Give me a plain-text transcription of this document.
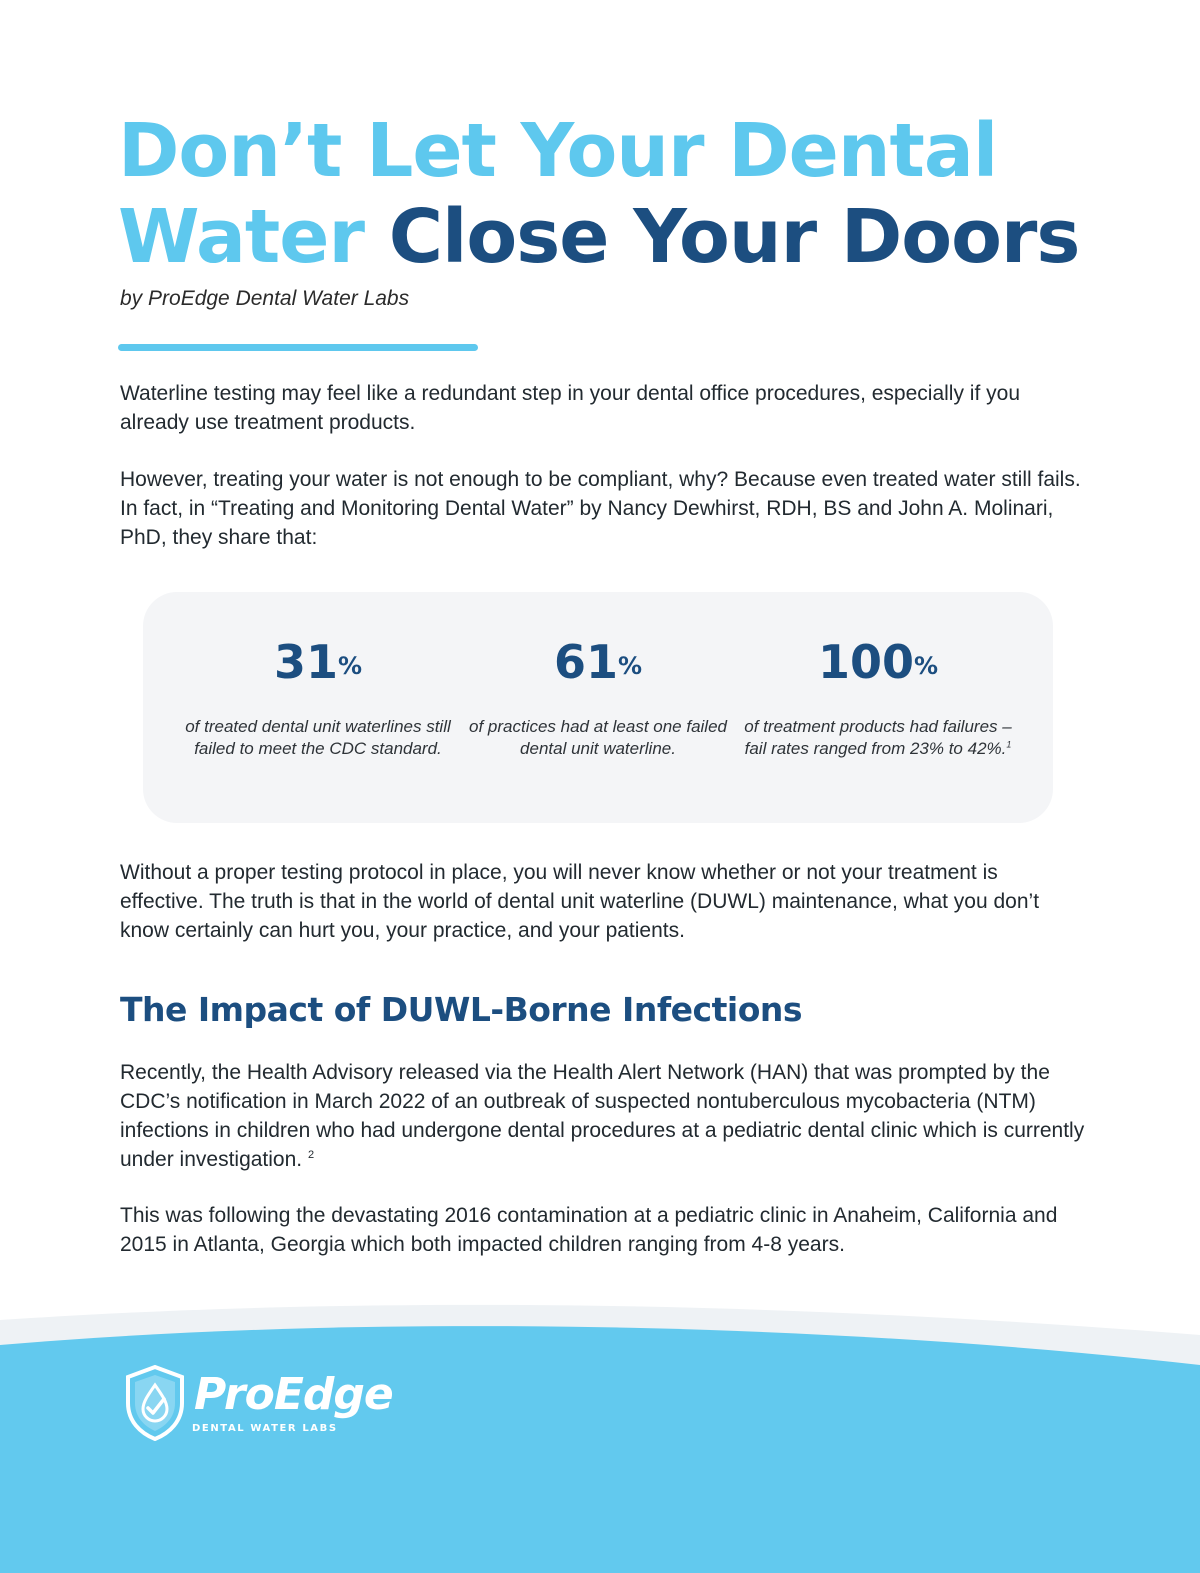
Don’t Let Your Dental
Water Close Your Doors
by ProEdge Dental Water Labs

Waterline testing may feel like a redundant step in your dental office procedures, especially if you already use treatment products.

However, treating your water is not enough to be compliant, why? Because even treated water still fails. In fact, in “Treating and Monitoring Dental Water” by Nancy Dewhirst, RDH, BS and John A. Molinari, PhD, they share that:

31%
of treated dental unit waterlines still failed to meet the CDC standard.
61%
of practices had at least one failed dental unit waterline.
100%
of treatment products had failures – fail rates ranged from 23% to 42%.$^1$

Without a proper testing protocol in place, you will never know whether or not your treatment is effective. The truth is that in the world of dental unit waterline (DUWL) maintenance, what you don’t know certainly can hurt you, your practice, and your patients.

The Impact of DUWL-Borne Infections

Recently, the Health Advisory released via the Health Alert Network (HAN) that was prompted by the CDC’s notification in March 2022 of an outbreak of suspected nontuberculous mycobacteria (NTM) infections in children who had undergone dental procedures at a pediatric dental clinic which is currently under investigation. $^2$

This was following the devastating 2016 contamination at a pediatric clinic in Anaheim, California and 2015 in Atlanta, Georgia which both impacted children ranging from 4-8 years.

ProEdge
DENTAL WATER LABS
